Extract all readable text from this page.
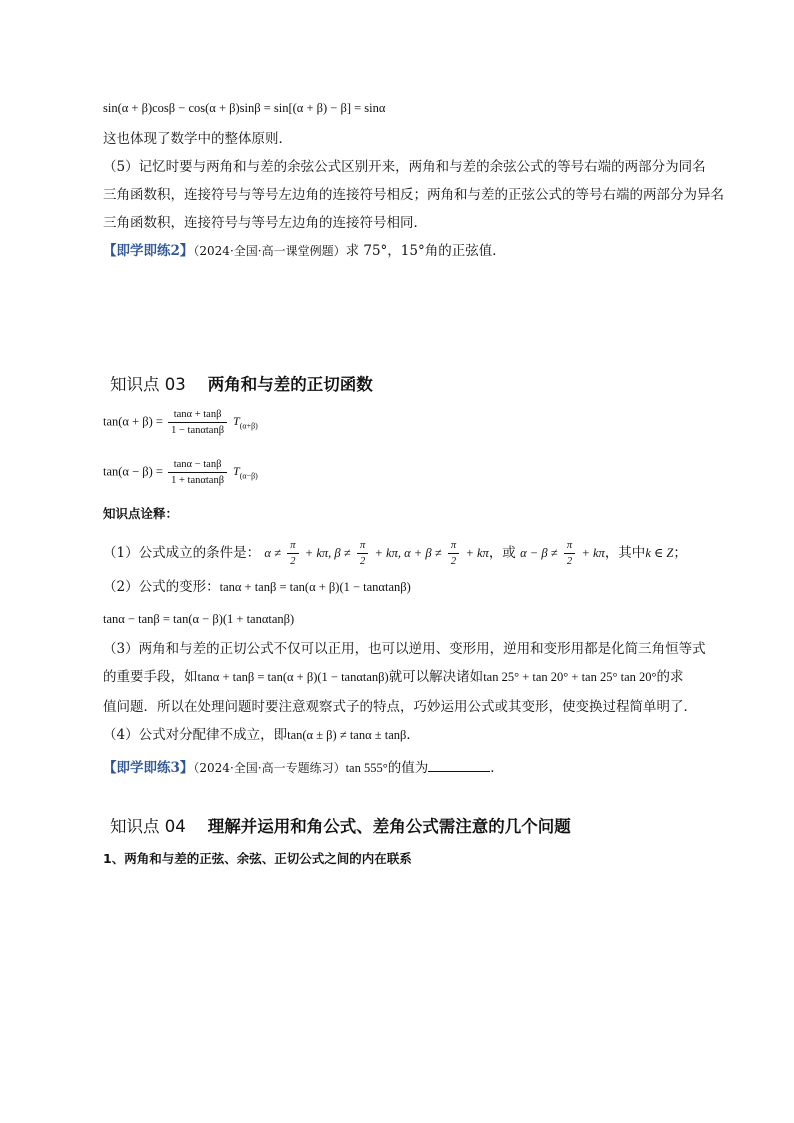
sin(α + β)cosβ − cos(α + β)sinβ = sin[(α + β) − β] = sinα
这也体现了数学中的整体原则．
（5）记忆时要与两角和与差的余弦公式区别开来，两角和与差的余弦公式的等号右端的两部分为同名
三角函数积，连接符号与等号左边角的连接符号相反；两角和与差的正弦公式的等号右端的两部分为异名
三角函数积，连接符号与等号左边角的连接符号相同．
【即学即练2】（2024·全国·高一课堂例题）求 75°，15°角的正弦值．
知识点 03 两角和与差的正切函数
$\tan(\alpha + \beta) = \frac{\tan\alpha + \tan\beta}{1 - \tan\alpha\tan\beta} T_{(\alpha+\beta)}$
$\tan(\alpha - \beta) = \frac{\tan\alpha - \tan\beta}{1 + \tan\alpha\tan\beta} T_{(\alpha-\beta)}$
知识点诠释：
（1）公式成立的条件是： $\alpha \ne \frac{\pi}{2} + k\pi$, $\beta \ne \frac{\pi}{2} + k\pi$, $\alpha + \beta \ne \frac{\pi}{2} + k\pi$，或 $\alpha - \beta \ne \frac{\pi}{2} + k\pi$，其中k ∈ Z；
（2）公式的变形：tanα + tanβ = tan(α + β)(1 − tanαtanβ)
tanα − tanβ = tan(α − β)(1 + tanαtanβ)
（3）两角和与差的正切公式不仅可以正用，也可以逆用、变形用，逆用和变形用都是化简三角恒等式
的重要手段，如tanα + tanβ = tan(α + β)(1 − tanαtanβ)就可以解决诸如tan 25° + tan 20° + tan 25° tan 20°的求
值问题．所以在处理问题时要注意观察式子的特点，巧妙运用公式或其变形，使变换过程简单明了．
（4）公式对分配律不成立，即tan(α ± β) ≠ tanα ± tanβ．
【即学即练3】（2024·全国·高一专题练习）tan 555°的值为	．
知识点 04 理解并运用和角公式、差角公式需注意的几个问题
1、两角和与差的正弦、余弦、正切公式之间的内在联系
